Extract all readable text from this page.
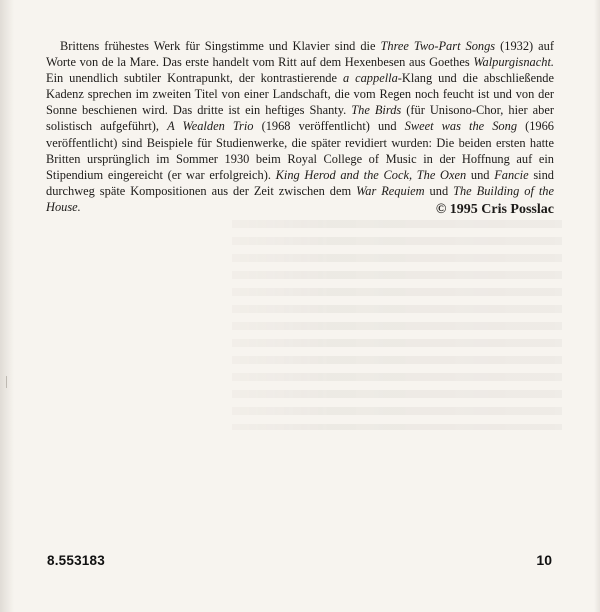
Brittens frühestes Werk für Singstimme und Klavier sind die Three Two-Part Songs (1932) auf Worte von de la Mare. Das erste handelt vom Ritt auf dem Hexenbesen aus Goethes Walpurgisnacht. Ein unendlich subtiler Kontrapunkt, der kontrastierende a cappella-Klang und die abschließende Kadenz sprechen im zweiten Titel von einer Landschaft, die vom Regen noch feucht ist und von der Sonne beschienen wird. Das dritte ist ein heftiges Shanty. The Birds (für Unisono-Chor, hier aber solistisch aufgeführt), A Wealden Trio (1968 veröffentlicht) und Sweet was the Song (1966 veröffentlicht) sind Beispiele für Studienwerke, die später revidiert wurden: Die beiden ersten hatte Britten ursprünglich im Sommer 1930 beim Royal College of Music in der Hoffnung auf ein Stipendium eingereicht (er war erfolgreich). King Herod and the Cock, The Oxen und Fancie sind durchweg späte Kompositionen aus der Zeit zwischen dem War Requiem und The Building of the House.	© 1995 Cris Posslac
8.553183	10
